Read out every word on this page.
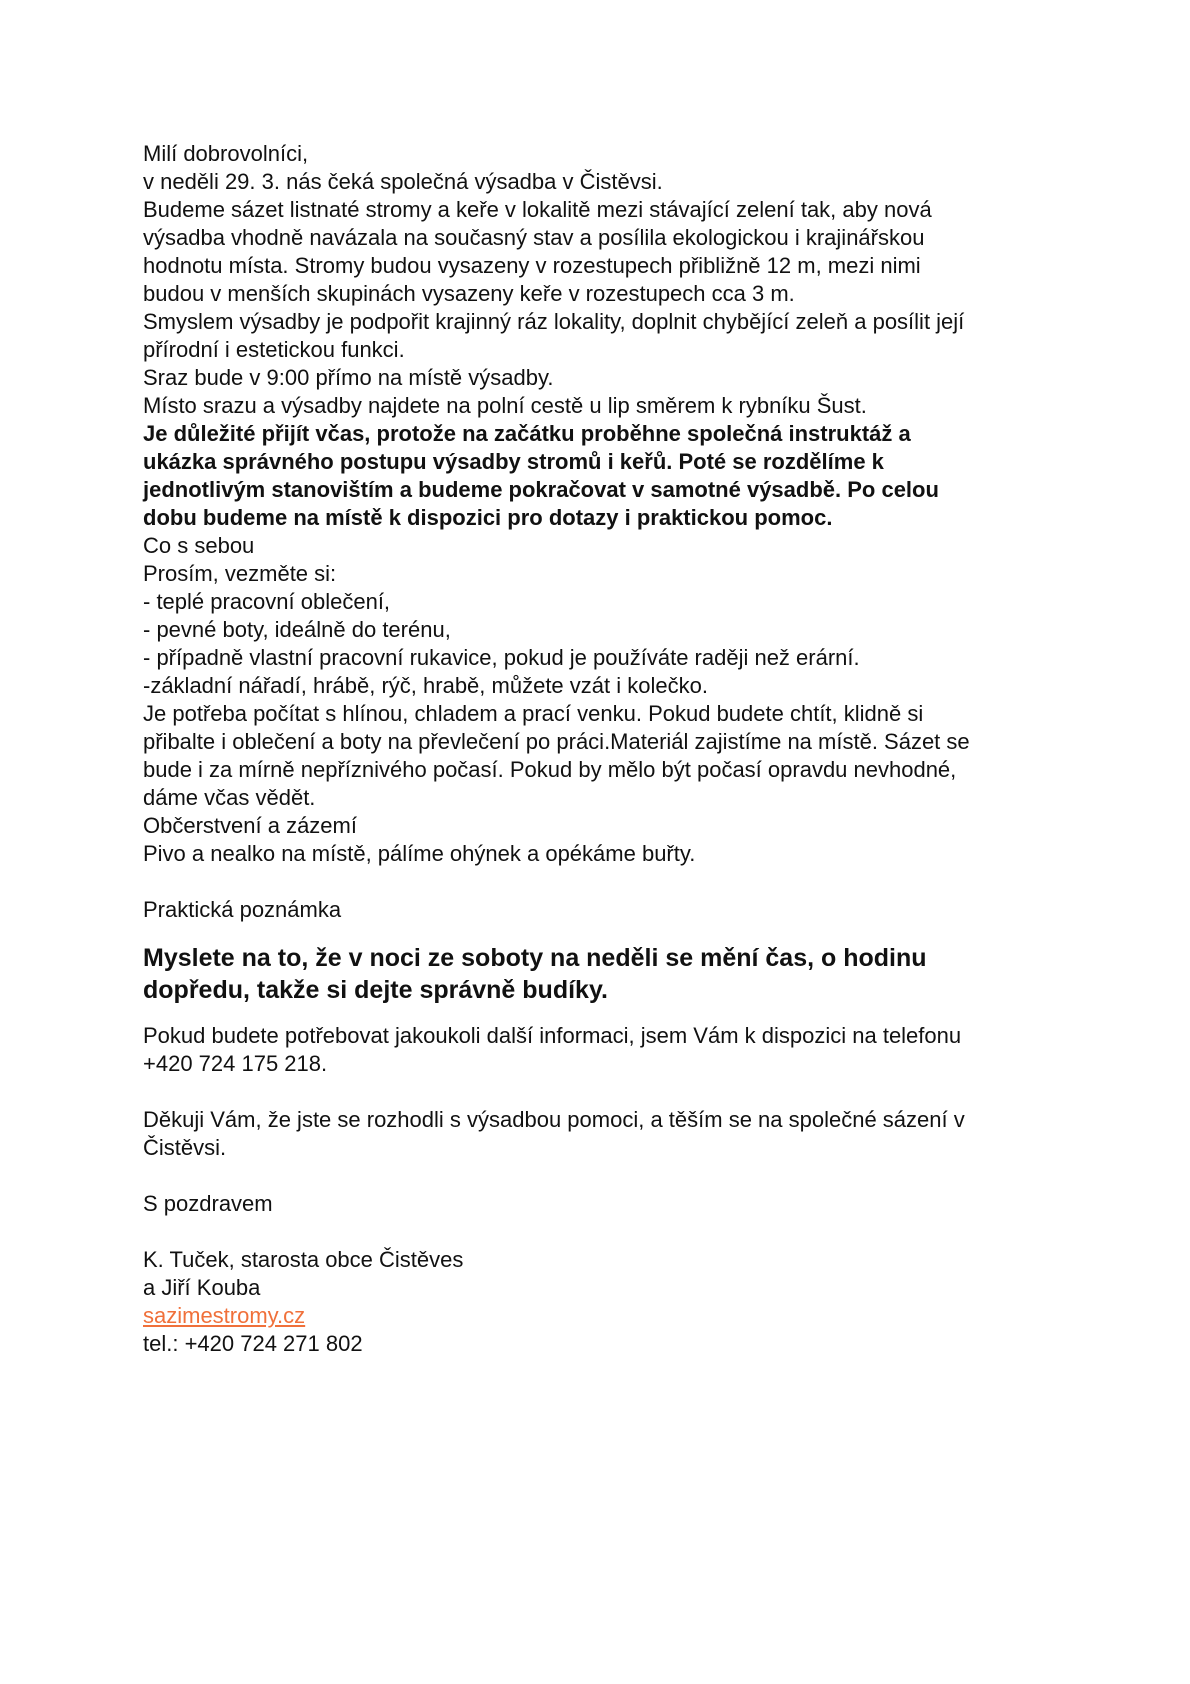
Milí dobrovolníci,
v neděli 29. 3. nás čeká společná výsadba v Čistěvsi.
Budeme sázet listnaté stromy a keře v lokalitě mezi stávající zelení tak, aby nová
výsadba vhodně navázala na současný stav a posílila ekologickou i krajinářskou
hodnotu místa. Stromy budou vysazeny v rozestupech přibližně 12 m, mezi nimi
budou v menších skupinách vysazeny keře v rozestupech cca 3 m.
Smyslem výsadby je podpořit krajinný ráz lokality, doplnit chybějící zeleň a posílit její
přírodní i estetickou funkci.
Sraz bude v 9:00 přímo na místě výsadby.
Místo srazu a výsadby najdete na polní cestě u lip směrem k rybníku Šust.
Je důležité přijít včas, protože na začátku proběhne společná instruktáž a
ukázka správného postupu výsadby stromů i keřů. Poté se rozdělíme k
jednotlivým stanovištím a budeme pokračovat v samotné výsadbě. Po celou
dobu budeme na místě k dispozici pro dotazy i praktickou pomoc.
Co s sebou
Prosím, vezměte si:
- teplé pracovní oblečení,
- pevné boty, ideálně do terénu,
- případně vlastní pracovní rukavice, pokud je používáte raději než erární.
-základní nářadí, hrábě, rýč, hrabě, můžete vzát i kolečko.
Je potřeba počítat s hlínou, chladem a prací venku. Pokud budete chtít, klidně si
přibalte i oblečení a boty na převlečení po práci.Materiál zajistíme na místě. Sázet se
bude i za mírně nepříznivého počasí. Pokud by mělo být počasí opravdu nevhodné,
dáme včas vědět.
Občerstvení a zázemí
Pivo a nealko na místě, pálíme ohýnek a opékáme buřty.
Praktická poznámka
Myslete na to, že v noci ze soboty na neděli se mění čas, o hodinu
dopředu, takže si dejte správně budíky.
Pokud budete potřebovat jakoukoli další informaci, jsem Vám k dispozici na telefonu
+420 724 175 218.
Děkuji Vám, že jste se rozhodli s výsadbou pomoci, a těším se na společné sázení v
Čistěvsi.
S pozdravem
K. Tuček, starosta obce Čistěves
a Jiří Kouba
sazimestromy.cz
tel.: +420 724 271 802
